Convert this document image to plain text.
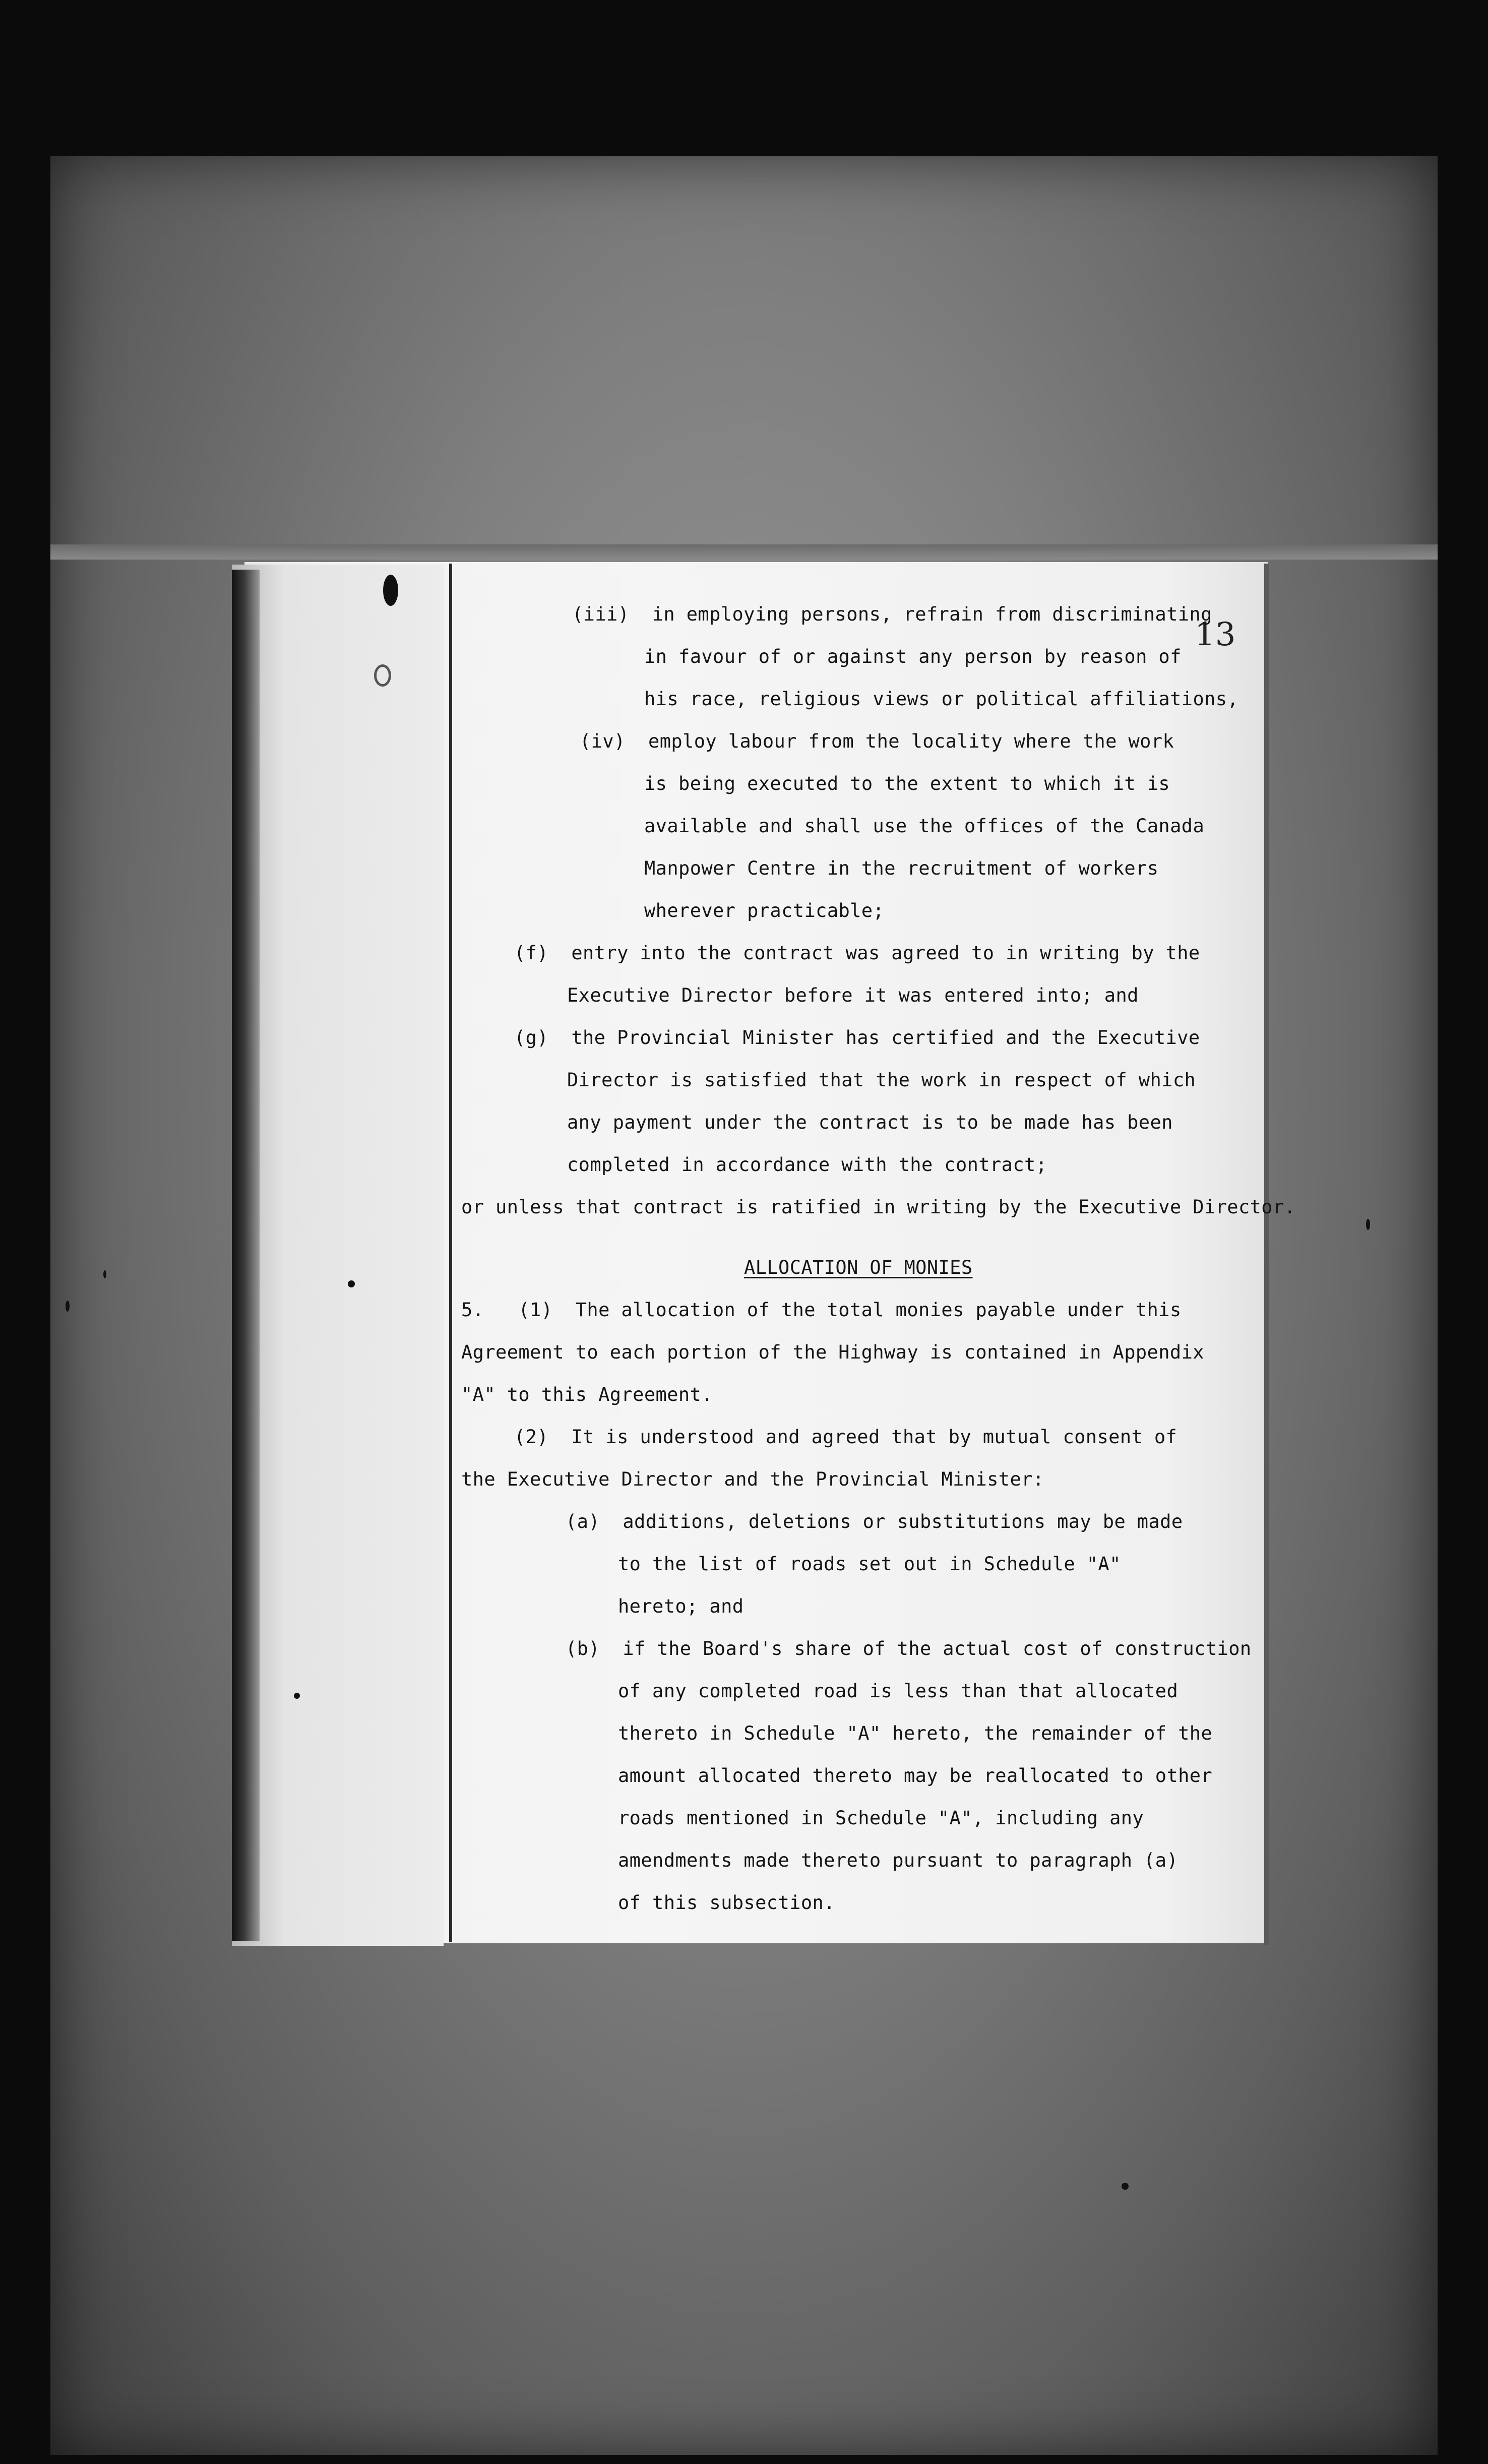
13
(iii)  in employing persons, refrain from discriminating
in favour of or against any person by reason of
his race, religious views or political affiliations,
(iv)  employ labour from the locality where the work
is being executed to the extent to which it is
available and shall use the offices of the Canada
Manpower Centre in the recruitment of workers
wherever practicable;
(f)  entry into the contract was agreed to in writing by the
Executive Director before it was entered into; and
(g)  the Provincial Minister has certified and the Executive
Director is satisfied that the work in respect of which
any payment under the contract is to be made has been
completed in accordance with the contract;
or unless that contract is ratified in writing by the Executive Director.
ALLOCATION OF MONIES
5.   (1)  The allocation of the total monies payable under this
Agreement to each portion of the Highway is contained in Appendix
"A" to this Agreement.
(2)  It is understood and agreed that by mutual consent of
the Executive Director and the Provincial Minister:
(a)  additions, deletions or substitutions may be made
to the list of roads set out in Schedule "A"
hereto; and
(b)  if the Board's share of the actual cost of construction
of any completed road is less than that allocated
thereto in Schedule "A" hereto, the remainder of the
amount allocated thereto may be reallocated to other
roads mentioned in Schedule "A", including any
amendments made thereto pursuant to paragraph (a)
of this subsection.
